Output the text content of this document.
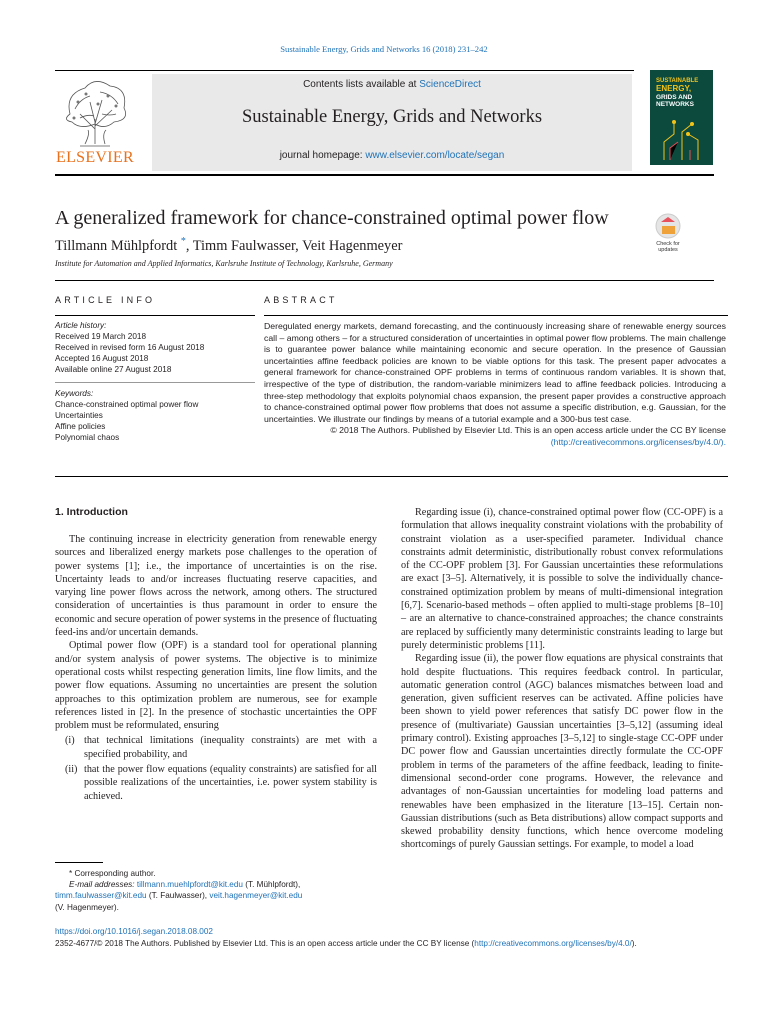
Sustainable Energy, Grids and Networks 16 (2018) 231–242
ELSEVIER
Contents lists available at ScienceDirect
Sustainable Energy, Grids and Networks
journal homepage: www.elsevier.com/locate/segan
SUSTAINABLE
ENERGY,
GRIDS AND
NETWORKS
A generalized framework for chance-constrained optimal power flow
Tillmann Mühlpfordt *, Timm Faulwasser, Veit Hagenmeyer
Institute for Automation and Applied Informatics, Karlsruhe Institute of Technology, Karlsruhe, Germany
Check for
updates
ARTICLE INFO
Article history:
Received 19 March 2018
Received in revised form 16 August 2018
Accepted 16 August 2018
Available online 27 August 2018
Keywords:
Chance-constrained optimal power flow
Uncertainties
Affine policies
Polynomial chaos
ABSTRACT
Deregulated energy markets, demand forecasting, and the continuously increasing share of renewable energy sources call – among others – for a structured consideration of uncertainties in optimal power flow problems. The main challenge is to guarantee power balance while maintaining economic and secure operation. In the presence of Gaussian uncertainties affine feedback policies are known to be viable options for this task. The present paper advocates a general framework for chance-constrained OPF problems in terms of continuous random variables. It is shown that, irrespective of the type of distribution, the random-variable minimizers lead to affine feedback policies. Introducing a three-step methodology that exploits polynomial chaos expansion, the present paper provides a constructive approach to chance-constrained optimal power flow problems that does not assume a specific distribution, e.g. Gaussian, for the uncertainties. We illustrate our findings by means of a tutorial example and a 300-bus test case.
© 2018 The Authors. Published by Elsevier Ltd. This is an open access article under the CC BY license
(http://creativecommons.org/licenses/by/4.0/).
1. Introduction

The continuing increase in electricity generation from renewable energy sources and liberalized energy markets pose challenges to the operation of power systems [1]; i.e., the importance of uncertainties is on the rise. Uncertainty leads to and/or increases fluctuating reserve capacities, and varying line power flows across the network, among others. The structured consideration of uncertainties is thus paramount in order to ensure the economic and secure operation of power systems in the presence of fluctuating feed-ins and/or uncertain demands.

Optimal power flow (OPF) is a standard tool for operational planning and/or system analysis of power systems. The objective is to minimize operational costs whilst respecting generation limits, line flow limits, and the power flow equations. Assuming no uncertainties are present the solution approaches to this optimization problem are numerous, see for example references listed in [2]. In the presence of stochastic uncertainties the OPF problem must be reformulated, ensuring

(i) that technical limitations (inequality constraints) are met with a specified probability, and
(ii) that the power flow equations (equality constraints) are satisfied for all possible realizations of the uncertainties, i.e. power system stability is achieved.

Regarding issue (i), chance-constrained optimal power flow (CC-OPF) is a formulation that allows inequality constraint violations with the probability of constraint violation as a user-specified parameter. Individual chance constraints admit deterministic, distributionally robust convex reformulations of the CC-OPF problem [3]. For Gaussian uncertainties these reformulations are exact [3–5]. Alternatively, it is possible to solve the individually chance-constrained optimization problem by means of multi-dimensional integration [6,7]. Scenario-based methods – often applied to multi-stage problems [8–10] – are an alternative to chance-constrained approaches; the chance constraints are replaced by sufficiently many deterministic constraints leading to large but purely deterministic problems [11].

Regarding issue (ii), the power flow equations are physical constraints that hold despite fluctuations. This requires feedback control. In particular, automatic generation control (AGC) balances mismatches between load and generation, given sufficient reserves can be activated. Affine policies have been shown to yield power references that satisfy DC power flow in the presence of (multivariate) Gaussian uncertainties [3–5,12] (assuming ideal primary control). Existing approaches [3–5,12] to single-stage CC-OPF under DC power flow and Gaussian uncertainties directly formulate the CC-OPF problem in terms of the parameters of the affine feedback, leading to finite-dimensional second-order cone programs. However, the relevance and advantages of non-Gaussian uncertainties for modeling load patterns and renewables have been emphasized in the literature [13–15]. Certain non-Gaussian distributions (such as Beta distributions) allow compact supports and skewed probability density functions, which hence overcome modeling shortcomings of purely Gaussian settings. For example, to model a load

* Corresponding author.
E-mail addresses: tillmann.muehlpfordt@kit.edu (T. Mühlpfordt),
timm.faulwasser@kit.edu (T. Faulwasser), veit.hagenmeyer@kit.edu
(V. Hagenmeyer).
https://doi.org/10.1016/j.segan.2018.08.002
2352-4677/© 2018 The Authors. Published by Elsevier Ltd. This is an open access article under the CC BY license (http://creativecommons.org/licenses/by/4.0/).
